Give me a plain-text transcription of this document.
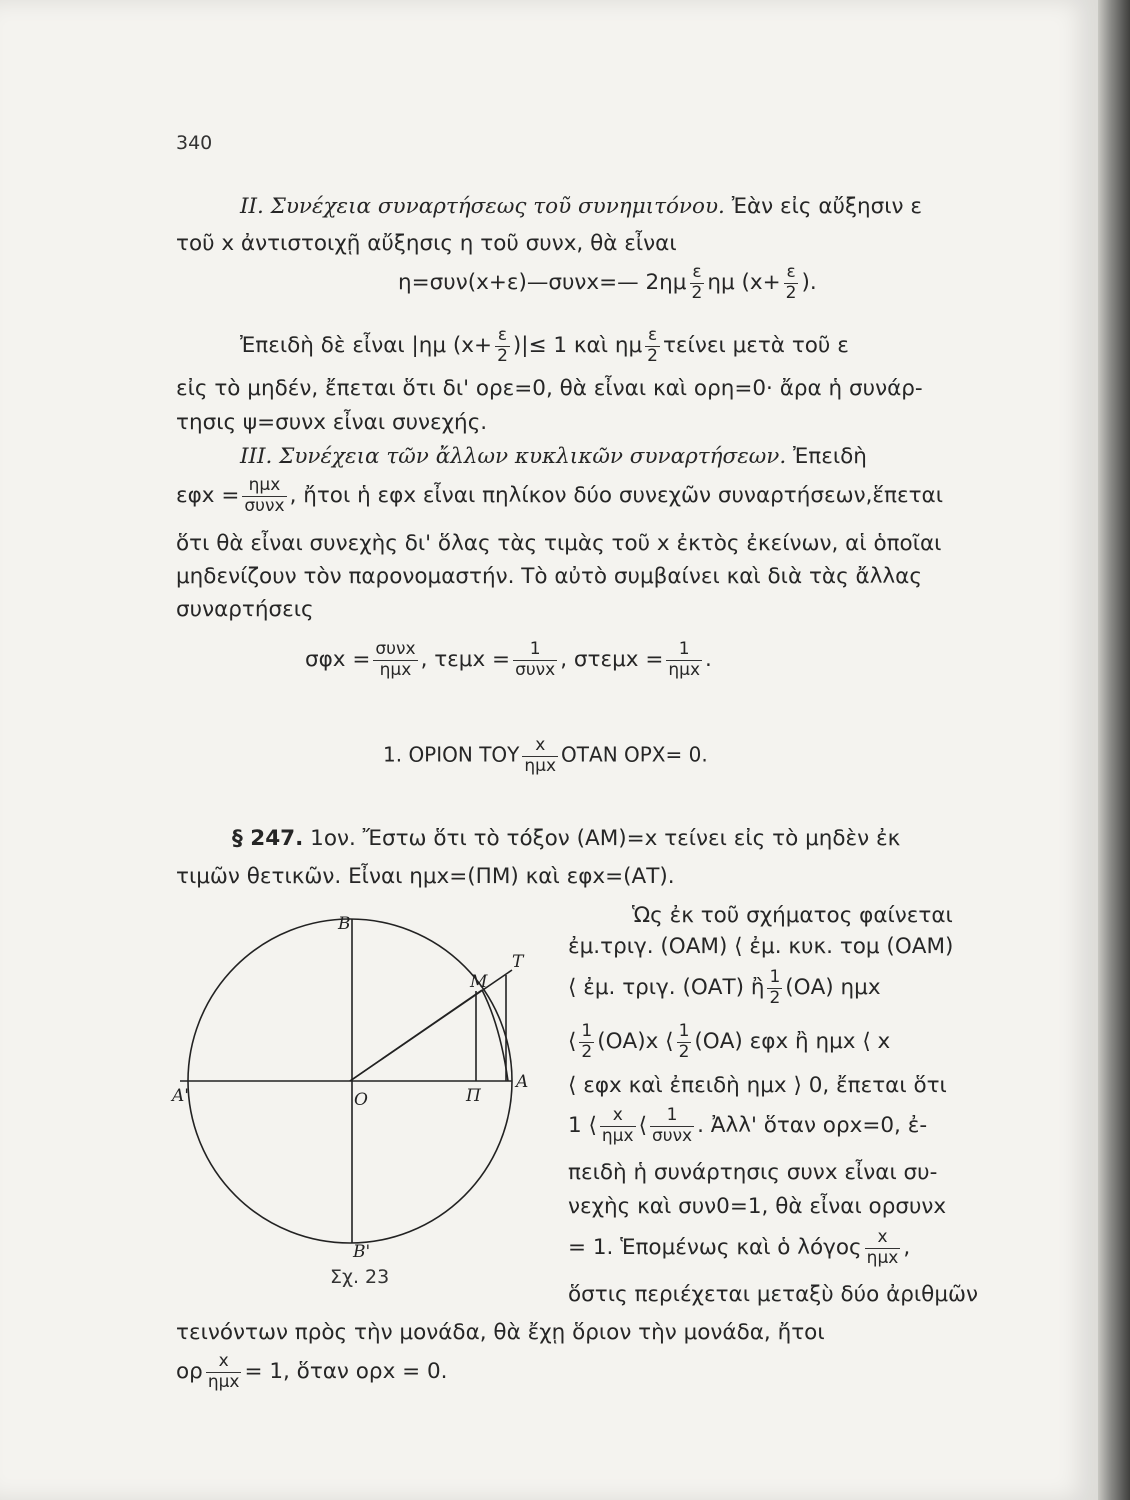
340
ΙΙ. Συνέχεια συναρτήσεως τοῦ συνημιτόνου. Ἐὰν εἰς αὔξησιν ε
τοῦ x ἀντιστοιχῇ αὔξησις η τοῦ συνx, θὰ εἶναι
η=συν(x+ε)—συνx=— $2\eta\mu \frac{\varepsilon}{2}$ ημ ($x+ \frac{\varepsilon}{2}$ ).
Ἐπειδὴ δὲ εἶναι |ημ ($x+ \frac{\varepsilon}{2}$ )|≤ 1 καὶ ημ $\frac{\varepsilon}{2}$ τείνει μετὰ τοῦ ε
εἰς τὸ μηδέν, ἔπεται ὅτι δι' ορε=0, θὰ εἶναι καὶ ορη=0· ἄρα ἡ συνάρ-
τησις ψ=συνx εἶναι συνεχής.
ΙΙΙ. Συνέχεια τῶν ἄλλων κυκλικῶν συναρτήσεων. Ἐπειδὴ
$\varepsilon\varphi x = \frac{\text{ημx}}{\text{συνx}}$ , ἤτοι ἡ εφx εἶναι πηλίκον δύο συνεχῶν συναρτήσεων,ἕπεται
ὅτι θὰ εἶναι συνεχὴς δι' ὅλας τὰς τιμὰς τοῦ x ἐκτὸς ἐκείνων, αἱ ὁποῖαι
μηδενίζουν τὸν παρονομαστήν. Τὸ αὐτὸ συμβαίνει καὶ διὰ τὰς ἄλλας
συναρτήσεις
$\sigma\varphi x = \frac{\text{συνx}}{\text{ημx}}$ , $\tau\varepsilon\mu x = \frac{1}{\text{συνx}}$ , $\sigma\tau\varepsilon\mu x = \frac{1}{\text{ημx}}$ .
1. ΟΡΙΟΝ ΤΟΥ $\frac{x}{\text{ημx}}$ ΟΤΑΝ ΟΡΧ= 0.
§ 247. 1ον. Ἔστω ὅτι τὸ τόξον (ΑΜ)=x τείνει εἰς τὸ μηδὲν ἐκ
τιμῶν θετικῶν. Εἶναι ημx=(ΠΜ) καὶ εφx=(ΑΤ).
Ὡς ἐκ τοῦ σχήματος φαίνεται
ἐμ.τριγ. (ΟΑΜ) ⟨ ἐμ. κυκ. τομ (ΟΑΜ)
⟨ ἐμ. τριγ. (ΟΑΤ) ἢ $\frac{1}{2} (OA)$ ημx
⟨ $\frac{1}{2} (OA)x$ ⟨ $\frac{1}{2} (OA)$ εφx ἢ ημx ⟨ x
⟨ εφx καὶ ἐπειδὴ ημx ⟩ 0, ἔπεται ὅτι
1 ⟨ $\frac{x}{\text{ημx}}$ ⟨ $\frac{1}{\text{συνx}}$ . Ἀλλ' ὅταν ορx=0, ἐ-
πειδὴ ἡ συνάρτησις συνx εἶναι συ-
νεχὴς καὶ συν0=1, θὰ εἶναι ορσυνx
= 1. Ἑπομένως καὶ ὁ λόγος $\frac{x}{\text{ημx}}$ ,
ὅστις περιέχεται μεταξὺ δύο ἀριθμῶν
τεινόντων πρὸς τὴν μονάδα, θὰ ἔχῃ ὅριον τὴν μονάδα, ἤτοι
ορ $\frac{x}{\text{ημx}} = 1$, ὅταν ορx = 0.
Β
Β'
Α
Α'	Ο	Π
Μ
Τ
Σχ. 23
